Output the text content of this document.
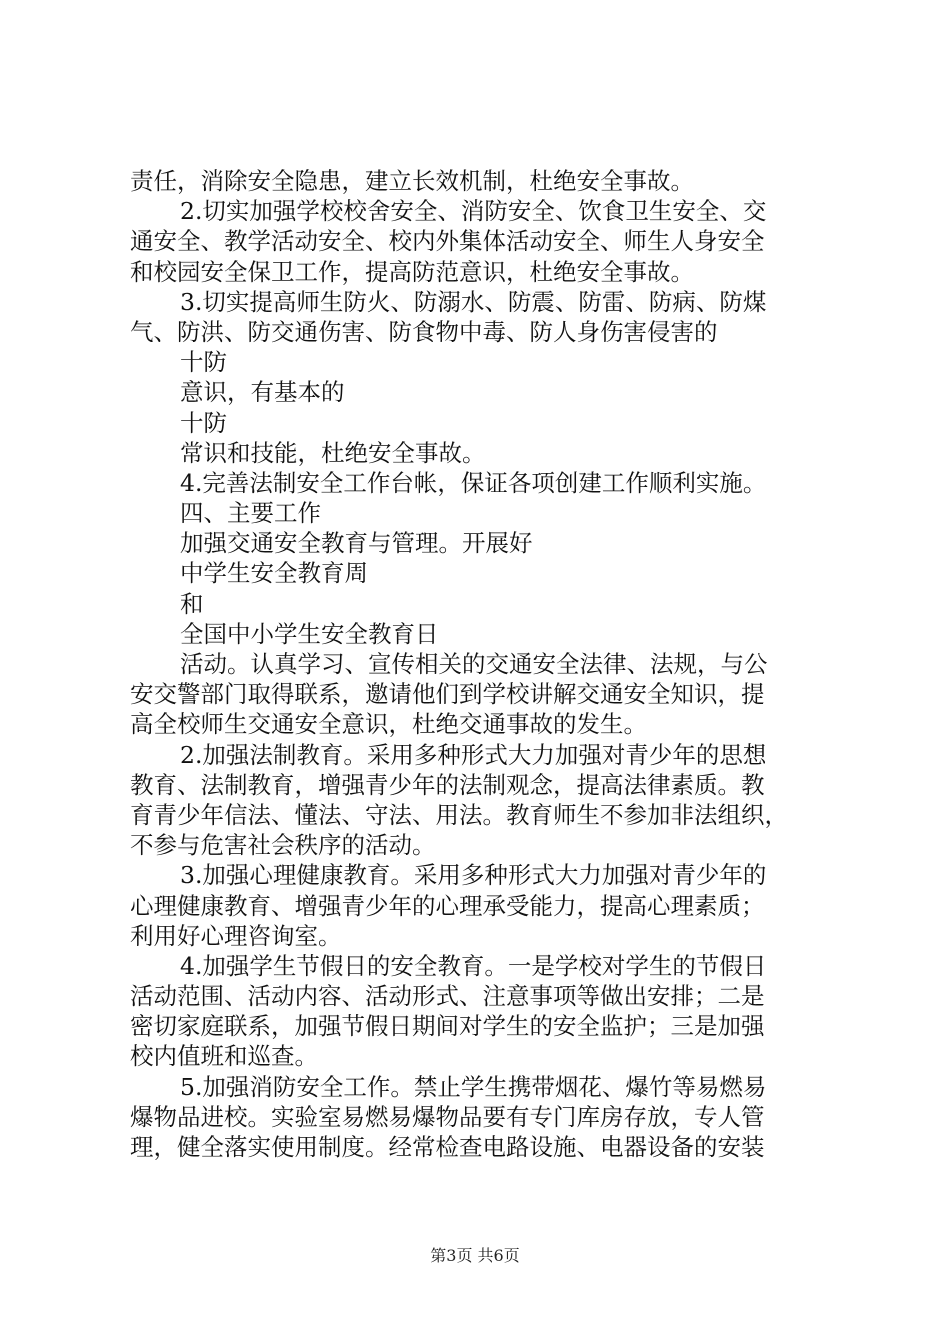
责任，消除安全隐患，建立长效机制，杜绝安全事故。
2.切实加强学校校舍安全、消防安全、饮食卫生安全、交
通安全、教学活动安全、校内外集体活动安全、师生人身安全
和校园安全保卫工作，提高防范意识，杜绝安全事故。
3.切实提高师生防火、防溺水、防震、防雷、防病、防煤
气、防洪、防交通伤害、防食物中毒、防人身伤害侵害的
十防
意识，有基本的
十防
常识和技能，杜绝安全事故。
4.完善法制安全工作台帐，保证各项创建工作顺利实施。
四、主要工作
加强交通安全教育与管理。开展好
中学生安全教育周
和
全国中小学生安全教育日
活动。认真学习、宣传相关的交通安全法律、法规，与公
安交警部门取得联系，邀请他们到学校讲解交通安全知识，提
高全校师生交通安全意识，杜绝交通事故的发生。
2.加强法制教育。采用多种形式大力加强对青少年的思想
教育、法制教育，增强青少年的法制观念，提高法律素质。教
育青少年信法、懂法、守法、用法。教育师生不参加非法组织，
不参与危害社会秩序的活动。
3.加强心理健康教育。采用多种形式大力加强对青少年的
心理健康教育、增强青少年的心理承受能力，提高心理素质；
利用好心理咨询室。
4.加强学生节假日的安全教育。一是学校对学生的节假日
活动范围、活动内容、活动形式、注意事项等做出安排；二是
密切家庭联系，加强节假日期间对学生的安全监护；三是加强
校内值班和巡查。
5.加强消防安全工作。禁止学生携带烟花、爆竹等易燃易
爆物品进校。实验室易燃易爆物品要有专门库房存放，专人管
理，健全落实使用制度。经常检查电路设施、电器设备的安装
第3页 共6页
